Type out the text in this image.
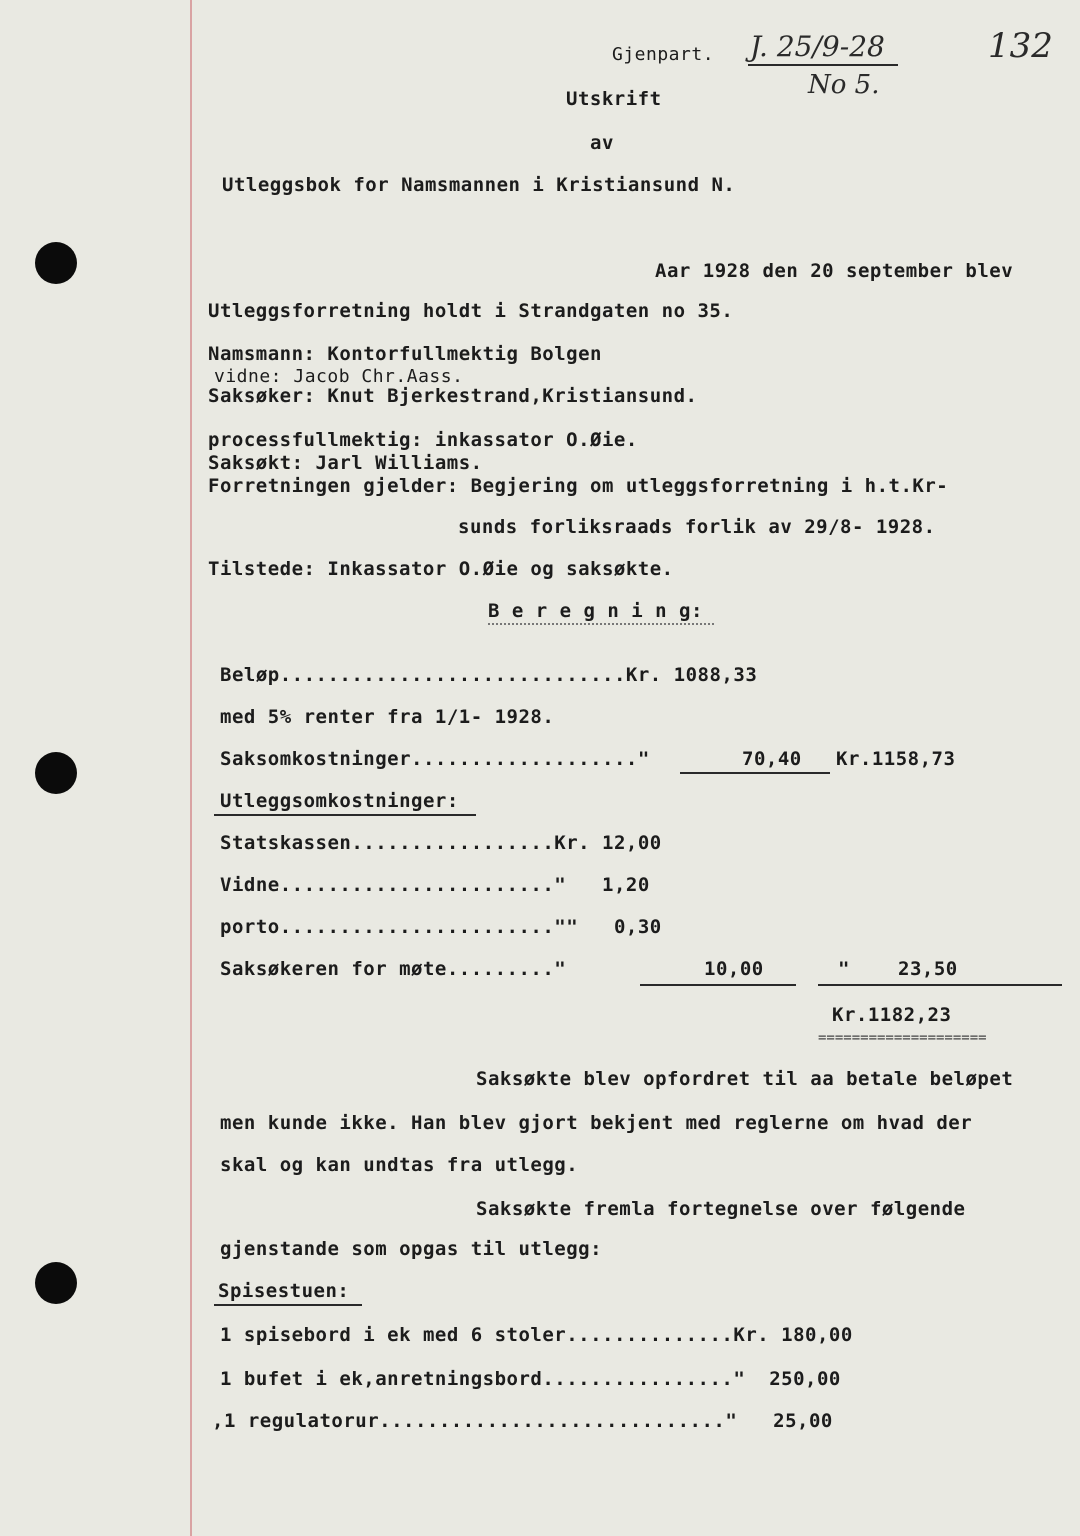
Gjenpart. J. 25/9-28
No 5.
132
Utskrift
av
Utleggsbok for Namsmannen i Kristiansund N.
Aar 1928 den 20 september blev
Utleggsforretning holdt i Strandgaten no 35.
Namsmann: Kontorfullmektig Bolgen
vidne: Jacob Chr.Aass.
Saksøker: Knut Bjerkestrand,Kristiansund.
processfullmektig: inkassator O.Øie.
Saksøkt: Jarl Williams.
Forretningen gjelder: Begjering om utleggsforretning i h.t.Kr-
sunds forliksraads forlik av 29/8- 1928.
Tilstede: Inkassator O.Øie og saksøkte.
B e r e g n i n g:
Beløp.............................Kr. 1088,33
med 5% renter fra 1/1- 1928.
Saksomkostninger..................."	70,40 Kr.1158,73
Utleggsomkostninger:
Statskassen.................Kr. 12,00
Vidne......................."   1,20
porto.......................""   0,30
Saksøkeren for møte........."	10,00	"	23,50
Kr.1182,23
====================
Saksøkte blev opfordret til aa betale beløpet
men kunde ikke. Han blev gjort bekjent med reglerne om hvad der
skal og kan undtas fra utlegg.
Saksøkte fremla fortegnelse over følgende
gjenstande som opgas til utlegg:
Spisestuen:
1 spisebord i ek med 6 stoler..............Kr. 180,00
1 bufet i ek,anretningsbord................"  250,00
,1 regulatorur............................."   25,00
